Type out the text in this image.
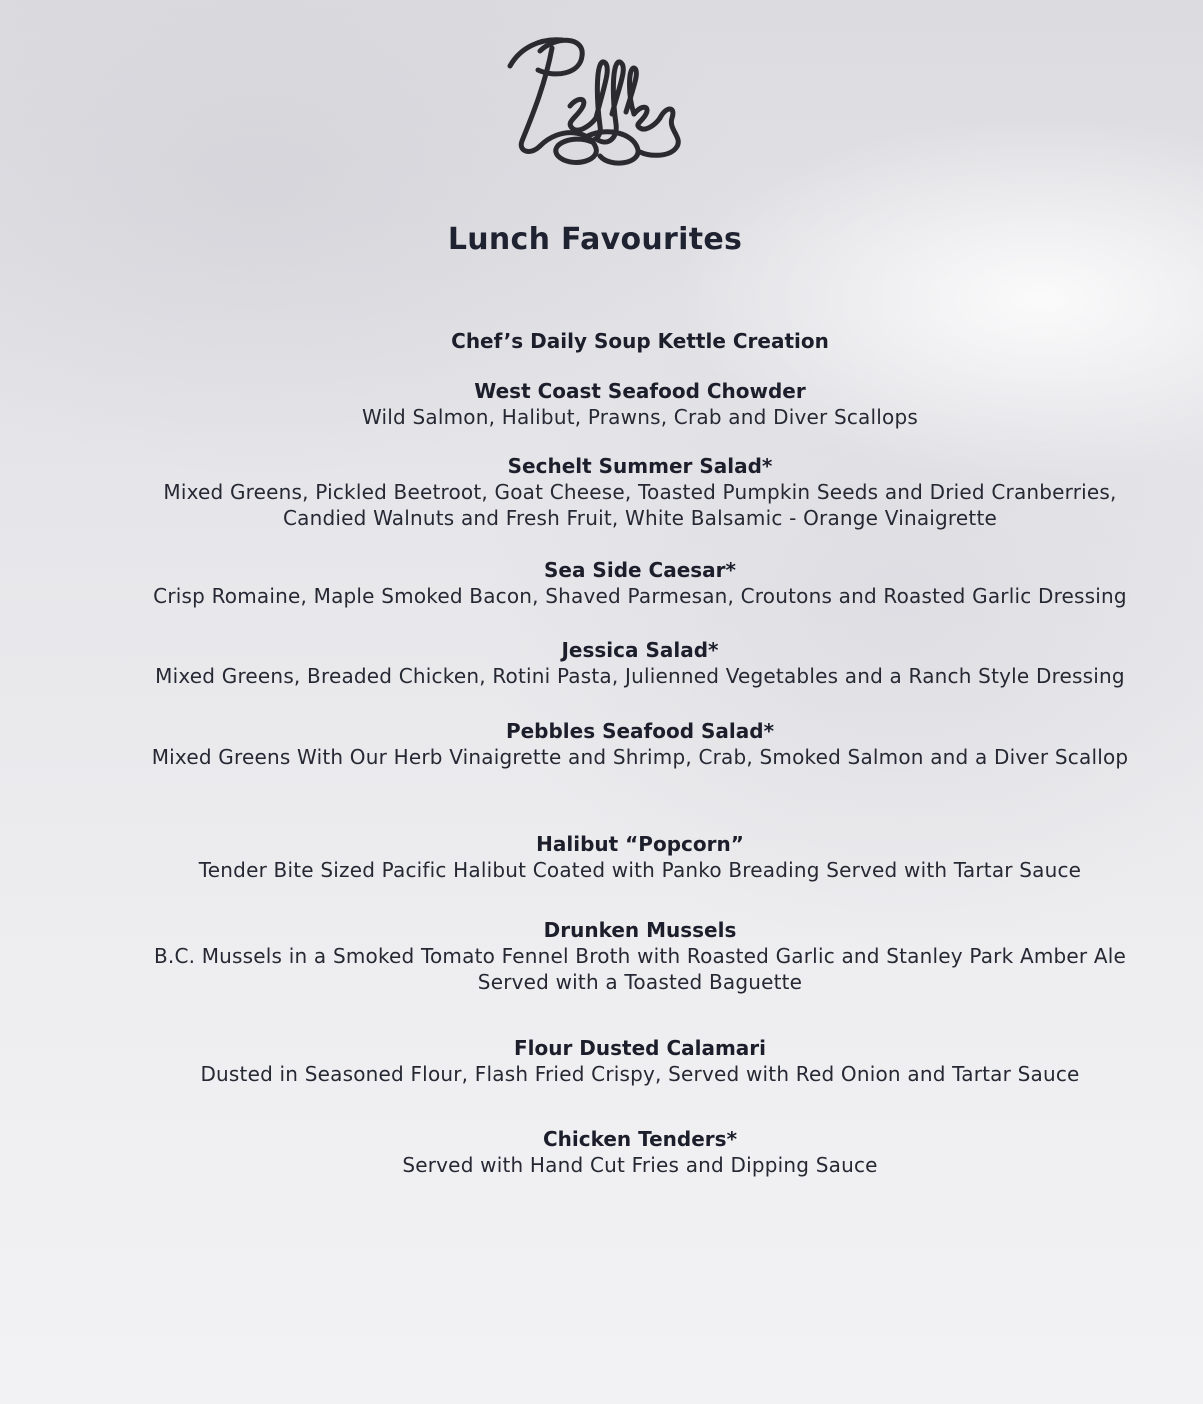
Lunch Favourites
Chef’s Daily Soup Kettle Creation
West Coast Seafood Chowder
Wild Salmon, Halibut, Prawns, Crab and Diver Scallops
Sechelt Summer Salad*
Mixed Greens, Pickled Beetroot, Goat Cheese, Toasted Pumpkin Seeds and Dried Cranberries,
Candied Walnuts and Fresh Fruit, White Balsamic - Orange Vinaigrette
Sea Side Caesar*
Crisp Romaine, Maple Smoked Bacon, Shaved Parmesan, Croutons and Roasted Garlic Dressing
Jessica Salad*
Mixed Greens, Breaded Chicken, Rotini Pasta, Julienned Vegetables and a Ranch Style Dressing
Pebbles Seafood Salad*
Mixed Greens With Our Herb Vinaigrette and Shrimp, Crab, Smoked Salmon and a Diver Scallop
Halibut “Popcorn”
Tender Bite Sized Pacific Halibut Coated with Panko Breading Served with Tartar Sauce
Drunken Mussels
B.C. Mussels in a Smoked Tomato Fennel Broth with Roasted Garlic and Stanley Park Amber Ale
Served with a Toasted Baguette
Flour Dusted Calamari
Dusted in Seasoned Flour, Flash Fried Crispy, Served with Red Onion and Tartar Sauce
Chicken Tenders*
Served with Hand Cut Fries and Dipping Sauce
